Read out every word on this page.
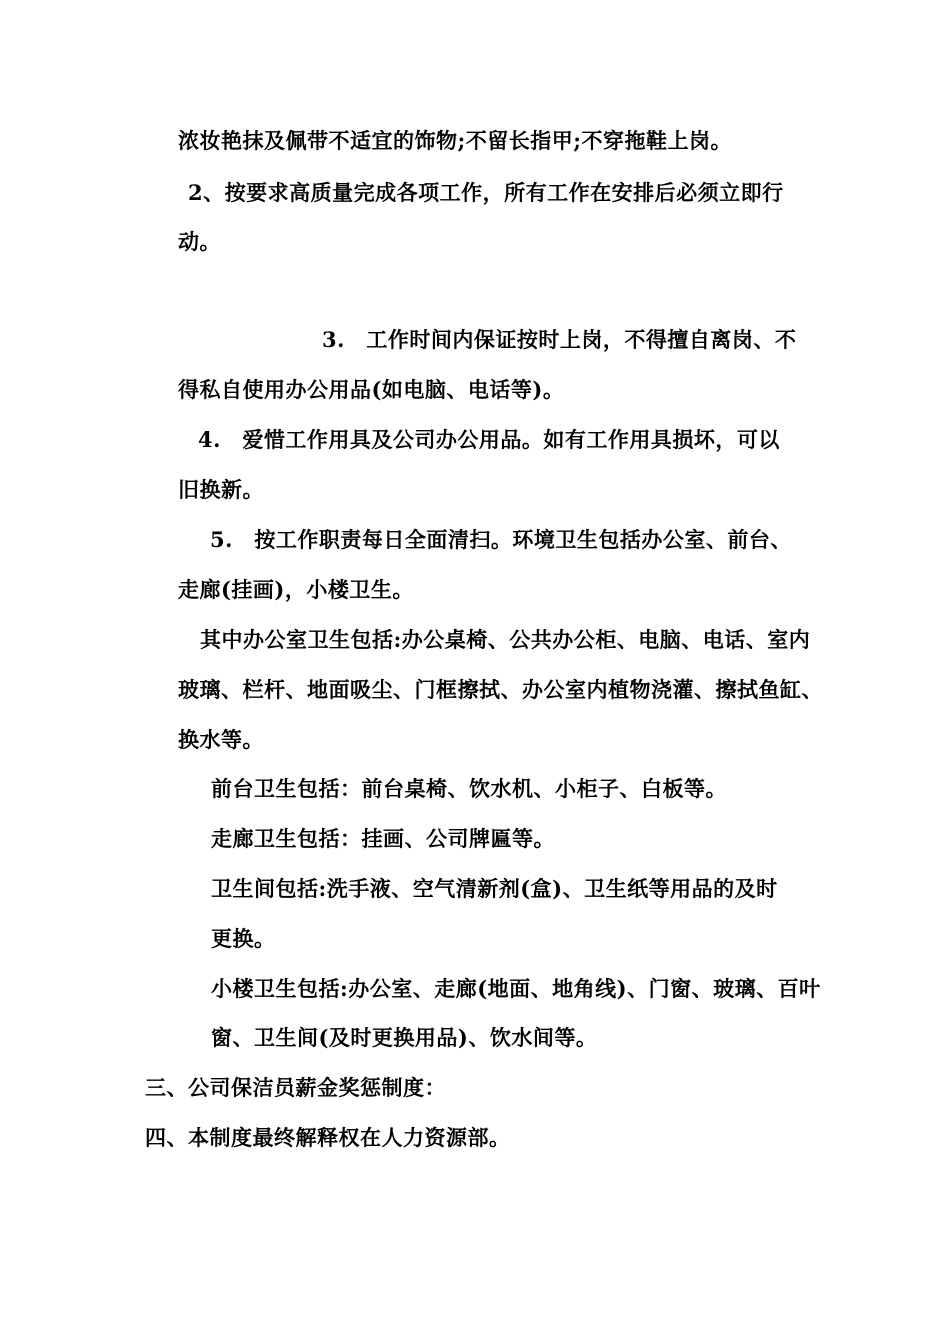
浓妆艳抹及佩带不适宜的饰物;不留长指甲;不穿拖鞋上岗。
2、按要求高质量完成各项工作，所有工作在安排后必须立即行
动。
3.　工作时间内保证按时上岗，不得擅自离岗、不
得私自使用办公用品(如电脑、电话等)。
4.　爱惜工作用具及公司办公用品。如有工作用具损坏，可以
旧换新。
5.　按工作职责每日全面清扫。环境卫生包括办公室、前台、
走廊(挂画)，小楼卫生。
其中办公室卫生包括:办公桌椅、公共办公柜、电脑、电话、室内
玻璃、栏杆、地面吸尘、门框擦拭、办公室内植物浇灌、擦拭鱼缸、
换水等。
前台卫生包括：前台桌椅、饮水机、小柜子、白板等。
走廊卫生包括：挂画、公司牌匾等。
卫生间包括:洗手液、空气清新剂(盒)、卫生纸等用品的及时
更换。
小楼卫生包括:办公室、走廊(地面、地角线)、门窗、玻璃、百叶
窗、卫生间(及时更换用品)、饮水间等。
三、公司保洁员薪金奖惩制度：
四、本制度最终解释权在人力资源部。
